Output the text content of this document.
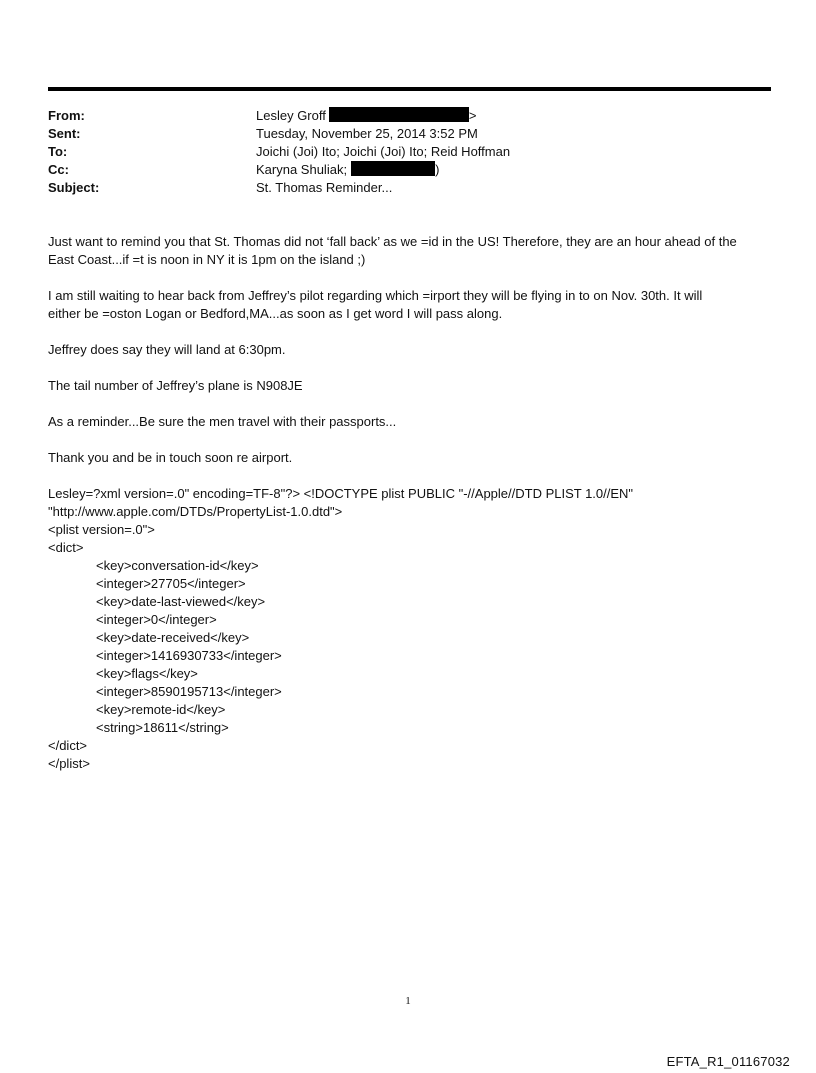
From:	Lesley Groff	>
Sent:	Tuesday, November 25, 2014 3:52 PM
To:	Joichi (Joi) Ito; Joichi (Joi) Ito; Reid Hoffman
Cc:	Karyna Shuliak;	)
Subject:	St. Thomas Reminder...
Just want to remind you that St. Thomas did not ‘fall back’ as we =id in the US! Therefore, they are an hour ahead of the
East Coast...if =t is noon in NY it is 1pm on the island ;)
I am still waiting to hear back from Jeffrey’s pilot regarding which =irport they will be flying in to on Nov. 30th. It will
either be =oston Logan or Bedford,MA...as soon as I get word I will pass along.
Jeffrey does say they will land at 6:30pm.
The tail number of Jeffrey’s plane is N908JE
As a reminder...Be sure the men travel with their passports...
Thank you and be in touch soon re airport.
Lesley=?xml version=.0" encoding=TF-8"?> <!DOCTYPE plist PUBLIC "-//Apple//DTD PLIST 1.0//EN"
"http://www.apple.com/DTDs/PropertyList-1.0.dtd">
<plist version=.0">
<dict>
<key>conversation-id</key>
<integer>27705</integer>
<key>date-last-viewed</key>
<integer>0</integer>
<key>date-received</key>
<integer>1416930733</integer>
<key>flags</key>
<integer>8590195713</integer>
<key>remote-id</key>
<string>18611</string>
</dict>
</plist>
1
EFTA_R1_01167032
